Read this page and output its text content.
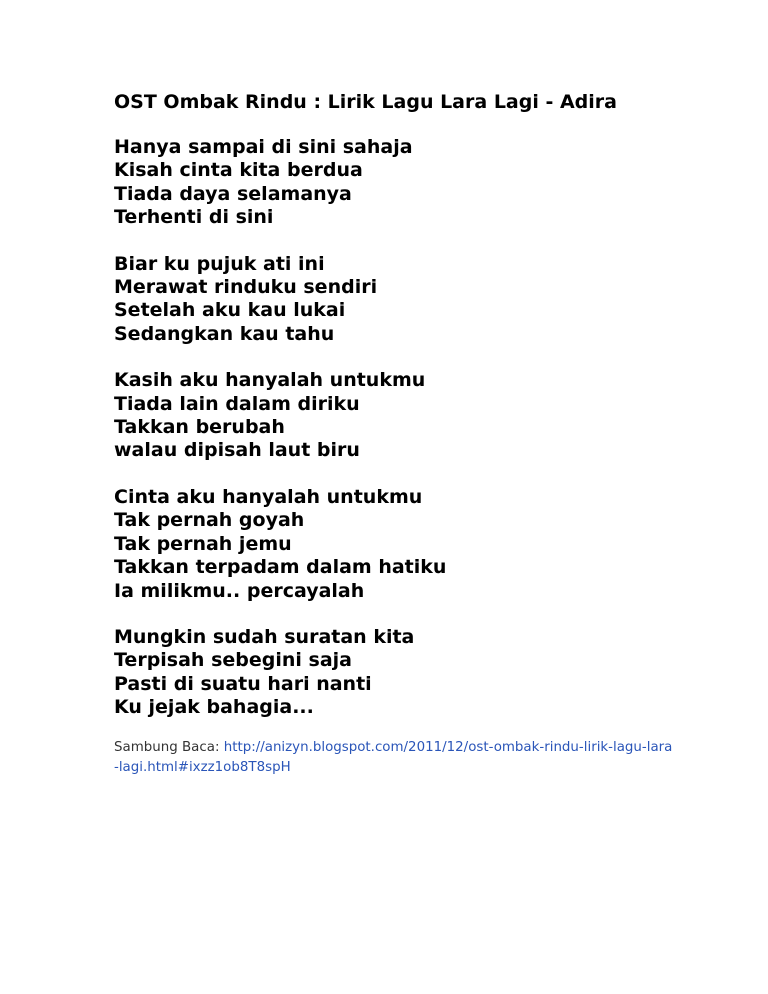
OST Ombak Rindu : Lirik Lagu Lara Lagi - Adira
Hanya sampai di sini sahaja
Kisah cinta kita berdua
Tiada daya selamanya
Terhenti di sini
Biar ku pujuk ati ini
Merawat rinduku sendiri
Setelah aku kau lukai
Sedangkan kau tahu
Kasih aku hanyalah untukmu
Tiada lain dalam diriku
Takkan berubah
walau dipisah laut biru
Cinta aku hanyalah untukmu
Tak pernah goyah
Tak pernah jemu
Takkan terpadam dalam hatiku
Ia milikmu.. percayalah
Mungkin sudah suratan kita
Terpisah sebegini saja
Pasti di suatu hari nanti
Ku jejak bahagia...
Sambung Baca: http://anizyn.blogspot.com/2011/12/ost-ombak-rindu-lirik-lagu-lara-lagi.html#ixzz1ob8T8spH
